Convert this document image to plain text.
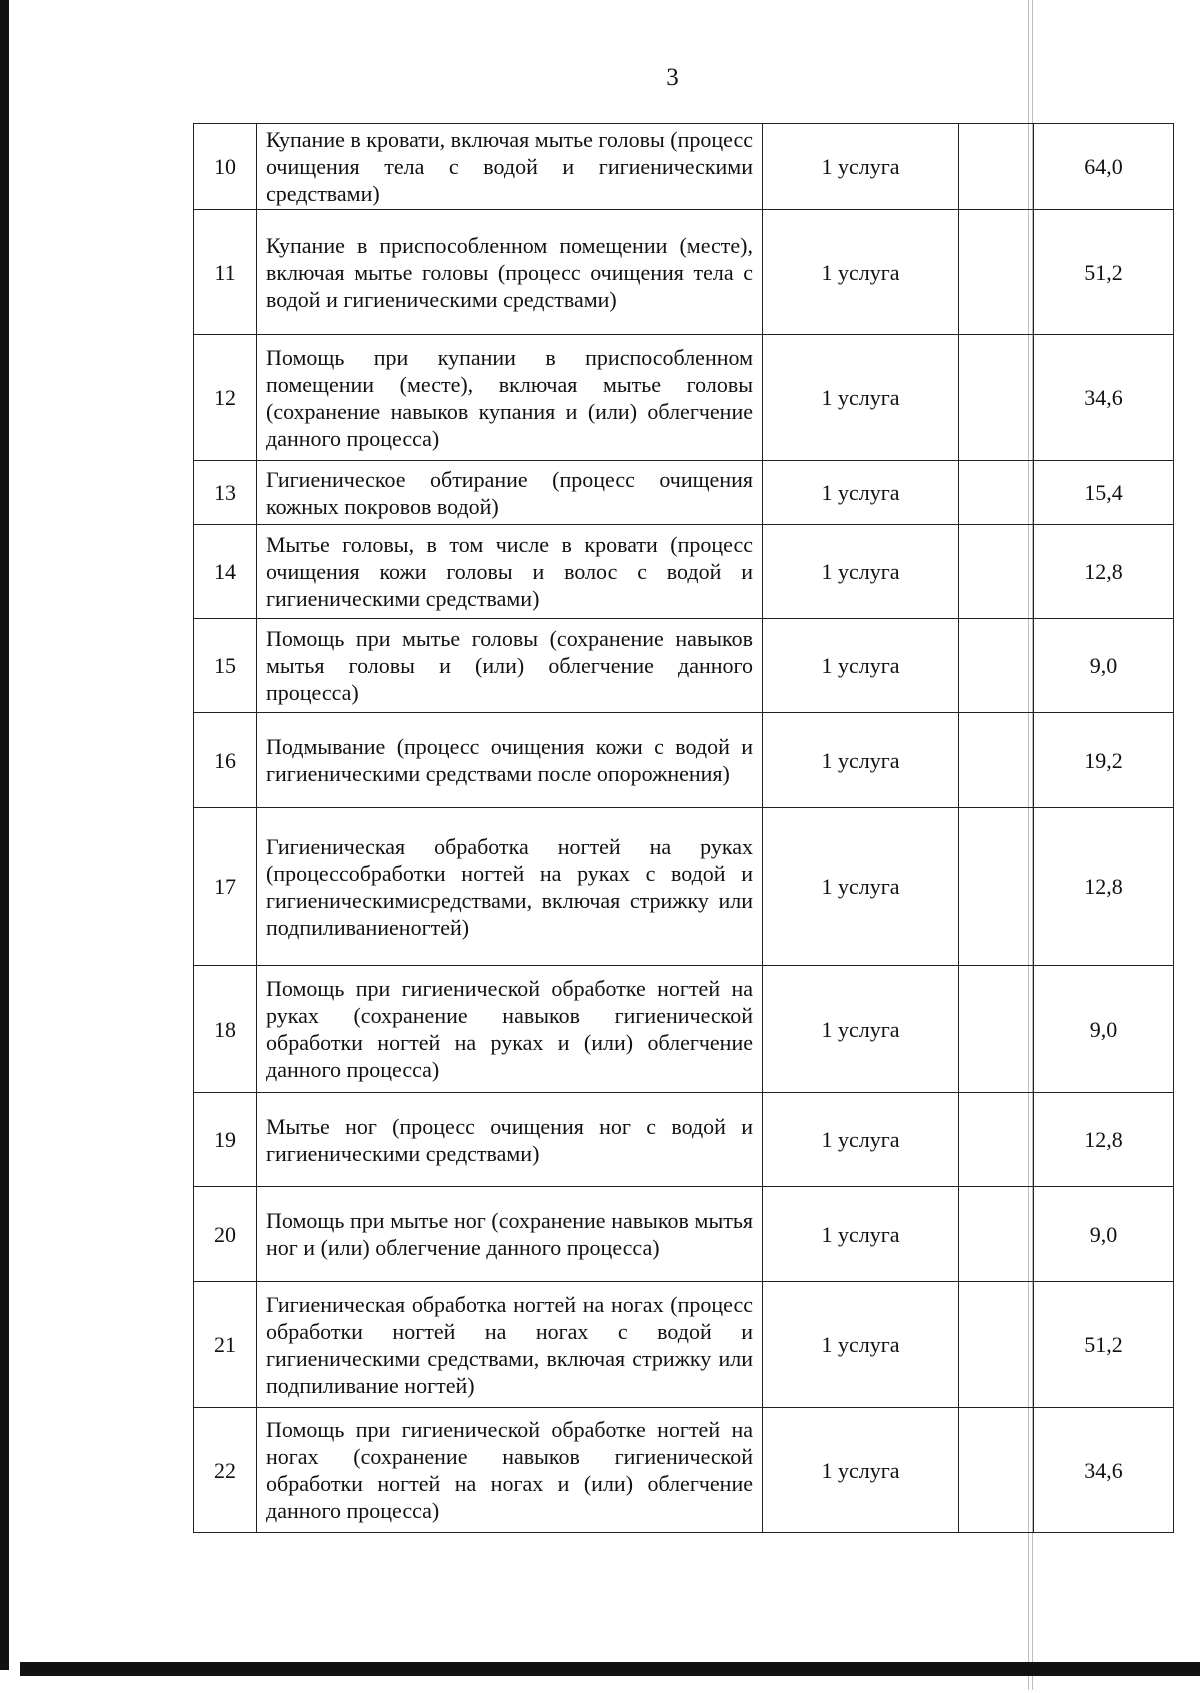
3
10	Купание в кровати, включая мытье головы (процесс очищения тела с водой и гигиеническими средствами)	1 услуга		64,0
11	Купание в приспособленном помещении (месте), включая мытье головы (процесс очищения тела с водой и гигиеническими средствами)	1 услуга		51,2
12	Помощь при купании в приспособленном помещении (месте), включая мытье головы (сохранение навыков купания и (или) облегчение данного процесса)	1 услуга		34,6
13	Гигиеническое обтирание (процесс очищения кожных покровов водой)	1 услуга		15,4
14	Мытье головы, в том числе в кровати (процесс очищения кожи головы и волос с водой и гигиеническими средствами)	1 услуга		12,8
15	Помощь при мытье головы (сохранение навыков мытья головы и (или) облегчение данного процесса)	1 услуга		9,0
16	Подмывание (процесс очищения кожи с водой и гигиеническими средствами после опорожнения)	1 услуга		19,2
17	Гигиеническая обработка ногтей на руках (процессобработки ногтей на руках с водой и гигиеническимисредствами, включая стрижку или подпиливаниеногтей)	1 услуга		12,8
18	Помощь при гигиенической обработке ногтей на руках (сохранение навыков гигиенической обработки ногтей на руках и (или) облегчение данного процесса)	1 услуга		9,0
19	Мытье ног (процесс очищения ног с водой и гигиеническими средствами)	1 услуга		12,8
20	Помощь при мытье ног (сохранение навыков мытья ног и (или) облегчение данного процесса)	1 услуга		9,0
21	Гигиеническая обработка ногтей на ногах (процесс обработки ногтей на ногах с водой и гигиеническими средствами, включая стрижку или подпиливание ногтей)	1 услуга		51,2
22	Помощь при гигиенической обработке ногтей на ногах (сохранение навыков гигиенической обработки ногтей на ногах и (или) облегчение данного процесса)	1 услуга		34,6
